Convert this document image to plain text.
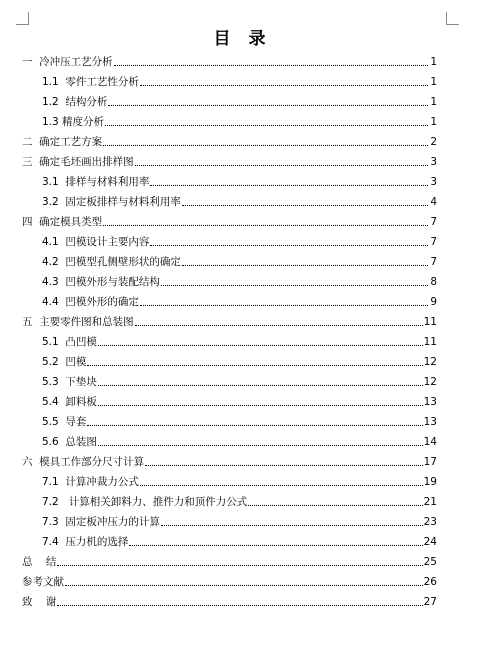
目 录
一  冷冲压工艺分析	1
1.1  零件工艺性分析	1
1.2  结构分析	1
1.3 精度分析	1
二  确定工艺方案	2
三  确定毛坯画出排样图	3
3.1  排样与材料利用率	3
3.2  固定板排样与材料利用率	4
四  确定模具类型	7
4.1  凹模设计主要内容	7
4.2  凹模型孔侧壁形状的确定	7
4.3  凹模外形与装配结构	8
4.4  凹模外形的确定	9
五  主要零件图和总装图	11
5.1  凸凹模	11
5.2  凹模	12
5.3  下垫块	12
5.4  卸料板	13
5.5  导套	13
5.6  总装图	14
六  模具工作部分尺寸计算	17
7.1  计算冲裁力公式	19
7.2   计算相关卸料力、推件力和顶件力公式	21
7.3  固定板冲压力的计算	23
7.4  压力机的选择	24
总    结	25
参考文献	26
致    谢	27
